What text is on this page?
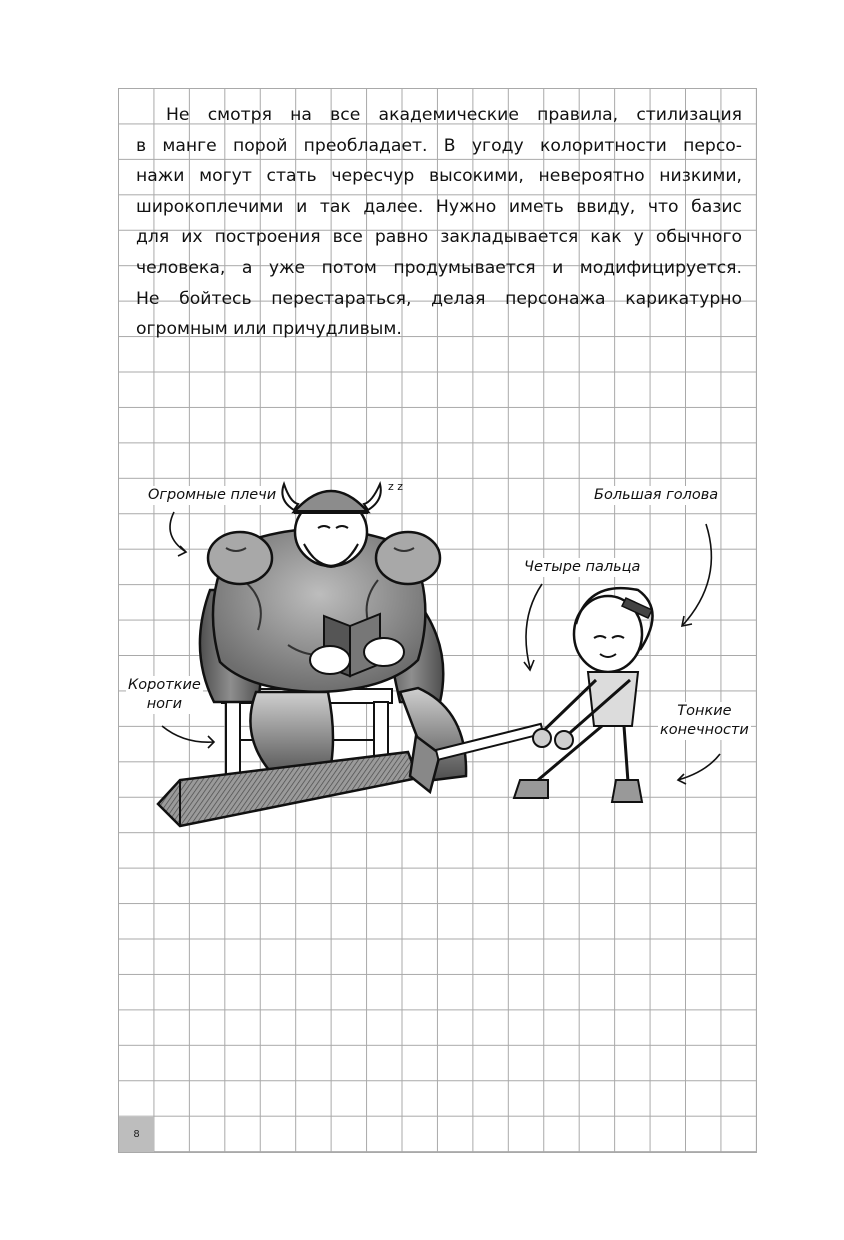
Не смотря на все академические правила, стилизация
в манге порой преобладает. В угоду колоритности персо-
нажи могут стать чересчур высокими, невероятно низкими,
широкоплечими и так далее. Нужно иметь ввиду, что базис
для их построения все равно закладывается как у обычного
человека, а уже потом продумывается и модифицируется.
Не бойтесь перестараться, делая персонажа карикатурно
огромным или причудливым.
z z
Огромные плечи	Большая голова
Четыре пальца
Короткие
ноги	Тонкие
конечности
8
